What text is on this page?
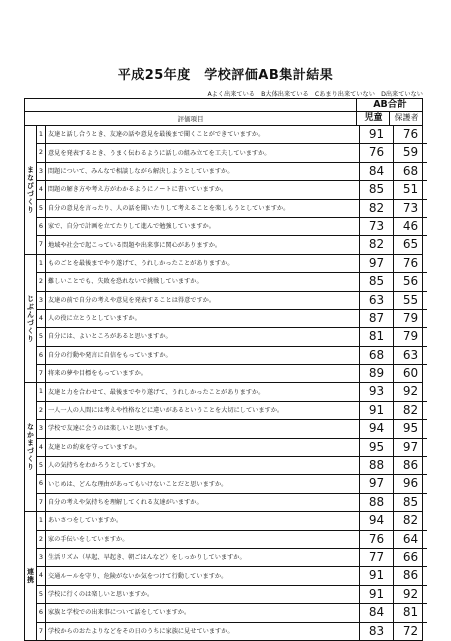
平成25年度　学校評価AB集計結果
Aよく出来ている　B大体出来ている　Cあまり出来ていない　D出来ていない
AB合計
評価項目	児童	保護者
まなびづくり
1 友達と話し合うとき、友達の話や意見を最後まで聞くことができていますか。	91	76
2 意見を発表するとき、うまく伝わるように話しの組み立てを工夫していますか。	76	59
3 問題について、みんなで相談しながら解決しようとしていますか。	84	68
4 問題の解き方や考え方がわかるようにノートに書いていますか。	85	51
5 自分の意見を言ったり、人の話を聞いたりして考えることを楽しもうとしていますか。	82	73
6 家で、自分で計画を立てたりして進んで勉強していますか。	73	46
7 地域や社会で起こっている問題や出来事に関心がありますか。	82	65
じぶんづくり
1 ものごとを最後までやり遂げて、うれしかったことがありますか。	97	76
2 難しいことでも、失敗を恐れないで挑戦していますか。	85	56
3 友達の前で自分の考えや意見を発表することは得意ですか。	63	55
4 人の役に立とうとしていますか。	87	79
5 自分には、よいところがあると思いますか。	81	79
6 自分の行動や発言に自信をもっていますか。	68	63
7 将来の夢や目標をもっていますか。	89	60
なかまづくり
1 友達と力を合わせて、最後までやり遂げて、うれしかったことがありますか。	93	92
2 一人一人の人間には考えや性格などに違いがあるということを大切にしていますか。	91	82
3 学校で友達に会うのは楽しいと思いますか。	94	95
4 友達との約束を守っていますか。	95	97
5 人の気持ちをわかろうとしていますか。	88	86
6 いじめは、どんな理由があってもいけないことだと思いますか。	97	96
7 自分の考えや気持ちを理解してくれる友達がいますか。	88	85
連携
1 あいさつをしていますか。	94	82
2 家の手伝いをしていますか。	76	64
3 生活リズム（早起、早起き、朝ごはんなど）をしっかりしていますか。	77	66
4 交通ルールを守り、危険がないか気をつけて行動していますか。	91	86
5 学校に行くのは楽しいと思いますか。	91	92
6 家族と学校での出来事について話をしていますか。	84	81
7 学校からのおたよりなどをその日のうちに家族に見せていますか。	83	72
